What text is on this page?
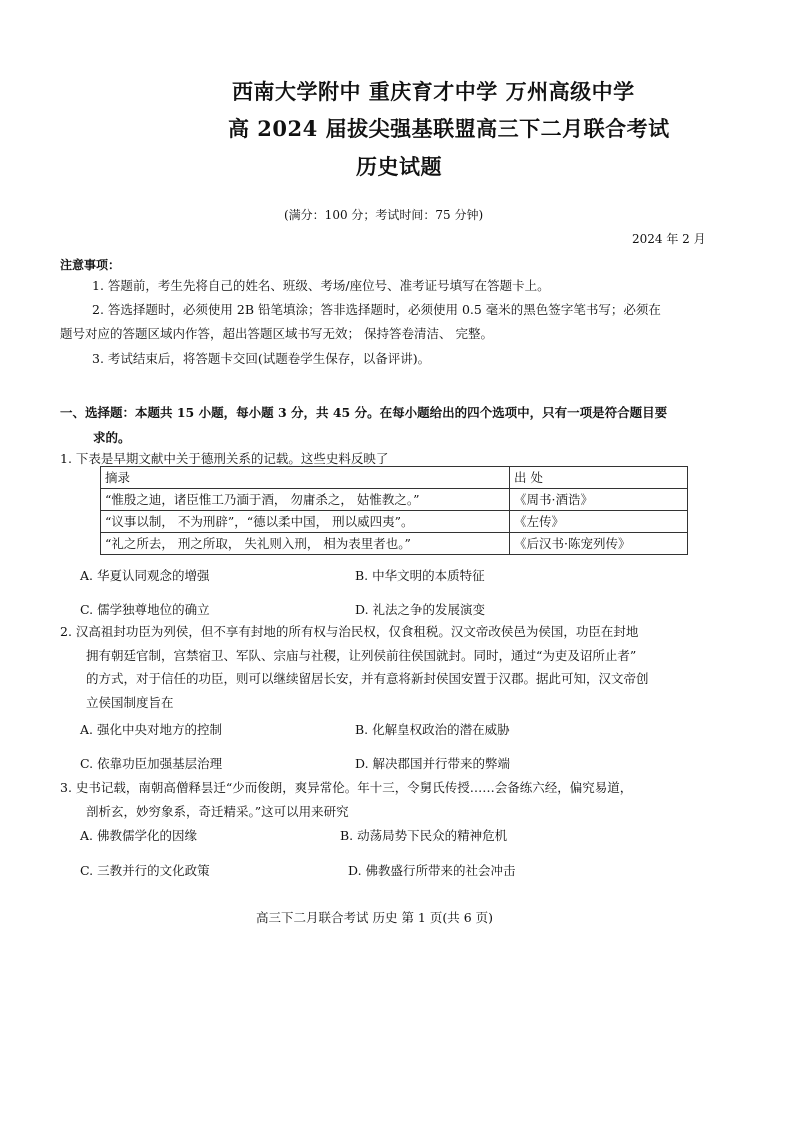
西南大学附中 重庆育才中学 万州高级中学
高 2024 届拔尖强基联盟高三下二月联合考试
历史试题
(满分：100 分；考试时间：75 分钟)
2024 年 2 月
注意事项：
1. 答题前，考生先将自己的姓名、班级、考场/座位号、准考证号填写在答题卡上。
2. 答选择题时，必须使用 2B 铅笔填涂；答非选择题时，必须使用 0.5 毫米的黑色签字笔书写；必须在
题号对应的答题区域内作答，超出答题区域书写无效； 保持答卷清洁、 完整。
3. 考试结束后，将答题卡交回(试题卷学生保存，以备评讲)。
一、选择题：本题共 15 小题，每小题 3 分，共 45 分。在每小题给出的四个选项中，只有一项是符合题目要
求的。
1. 下表是早期文献中关于德刑关系的记载。这些史料反映了
摘录	出 处
“惟殷之迪，诸臣惟工乃湎于酒， 勿庸杀之， 姑惟教之。”	《周书·酒诰》
“议事以制， 不为刑辟”，“德以柔中国， 刑以威四夷”。	《左传》
“礼之所去， 刑之所取， 失礼则入刑， 相为表里者也。”	《后汉书·陈宠列传》
A. 华夏认同观念的增强	B. 中华文明的本质特征
C. 儒学独尊地位的确立	D. 礼法之争的发展演变
2. 汉高祖封功臣为列侯，但不享有封地的所有权与治民权，仅食租税。汉文帝改侯邑为侯国，功臣在封地
拥有朝廷官制，宫禁宿卫、军队、宗庙与社稷，让列侯前往侯国就封。同时，通过“为吏及诏所止者”
的方式，对于信任的功臣，则可以继续留居长安，并有意将新封侯国安置于汉郡。据此可知，汉文帝创
立侯国制度旨在
A. 强化中央对地方的控制	B. 化解皇权政治的潜在威胁
C. 依靠功臣加强基层治理	D. 解决郡国并行带来的弊端
3. 史书记载，南朝高僧释昙迁“少而俊朗，爽异常伦。年十三，令舅氏传授……会备练六经，偏究易道，
剖析玄，妙穷象系，奇迁精采。”这可以用来研究
A. 佛教儒学化的因缘	B. 动荡局势下民众的精神危机
C. 三教并行的文化政策	D. 佛教盛行所带来的社会冲击
高三下二月联合考试 历史 第 1 页(共 6 页)
